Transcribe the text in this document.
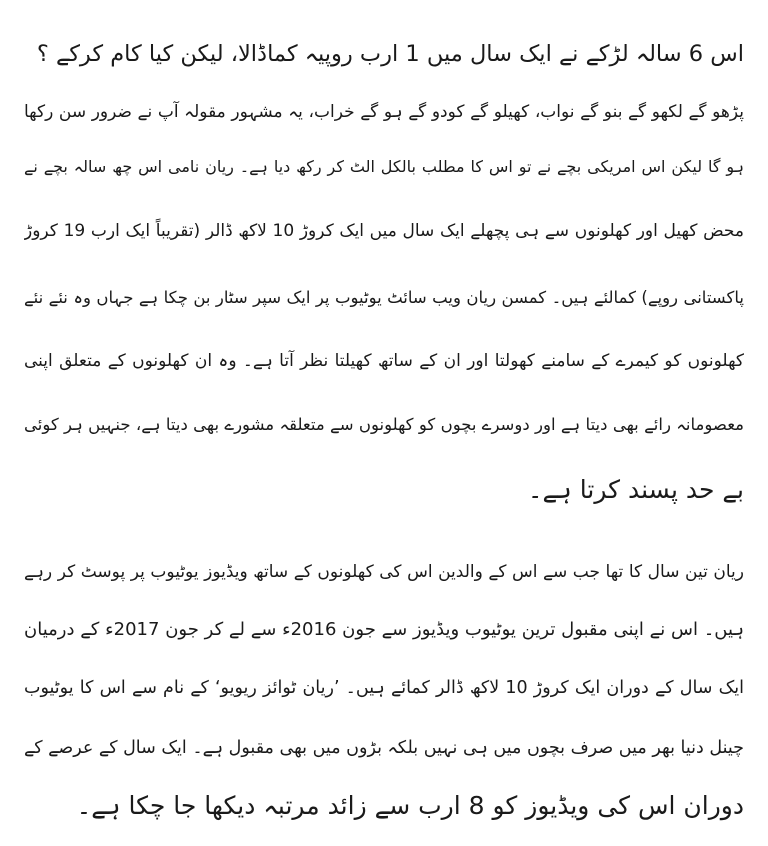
اس 6 سالہ لڑکے نے ایک سال میں 1 ارب روپیہ کماڈالا، لیکن کیا کام کرکے ؟
پڑھو گے لکھو گے بنو گے نواب، کھیلو گے کودو گے ہو گے خراب، یہ مشہور مقولہ آپ نے ضرور سن رکھا
ہو گا لیکن اس امریکی بچے نے تو اس کا مطلب بالکل الٹ کر رکھ دیا ہے۔ ریان نامی اس چھ سالہ بچے نے
محض کھیل اور کھلونوں سے ہی پچھلے ایک سال میں ایک کروڑ 10 لاکھ ڈالر (تقریباً ایک ارب 19 کروڑ
پاکستانی روپے) کمالئے ہیں۔ کمسن ریان ویب سائٹ یوٹیوب پر ایک سپر سٹار بن چکا ہے جہاں وہ نئے نئے
کھلونوں کو کیمرے کے سامنے کھولتا اور ان کے ساتھ کھیلتا نظر آتا ہے۔ وہ ان کھلونوں کے متعلق اپنی
معصومانہ رائے بھی دیتا ہے اور دوسرے بچوں کو کھلونوں سے متعلقہ مشورے بھی دیتا ہے، جنہیں ہر کوئی
بے حد پسند کرتا ہے۔
ریان تین سال کا تھا جب سے اس کے والدین اس کی کھلونوں کے ساتھ ویڈیوز یوٹیوب پر پوسٹ کر رہے
ہیں۔ اس نے اپنی مقبول ترین یوٹیوب ویڈیوز سے جون 2016ء سے لے کر جون 2017ء کے درمیان
ایک سال کے دوران ایک کروڑ 10 لاکھ ڈالر کمائے ہیں۔ ’ریان ٹوائز ریویو‘ کے نام سے اس کا یوٹیوب
چینل دنیا بھر میں صرف بچوں میں ہی نہیں بلکہ بڑوں میں بھی مقبول ہے۔ ایک سال کے عرصے کے
دوران اس کی ویڈیوز کو 8 ارب سے زائد مرتبہ دیکھا جا چکا ہے۔
